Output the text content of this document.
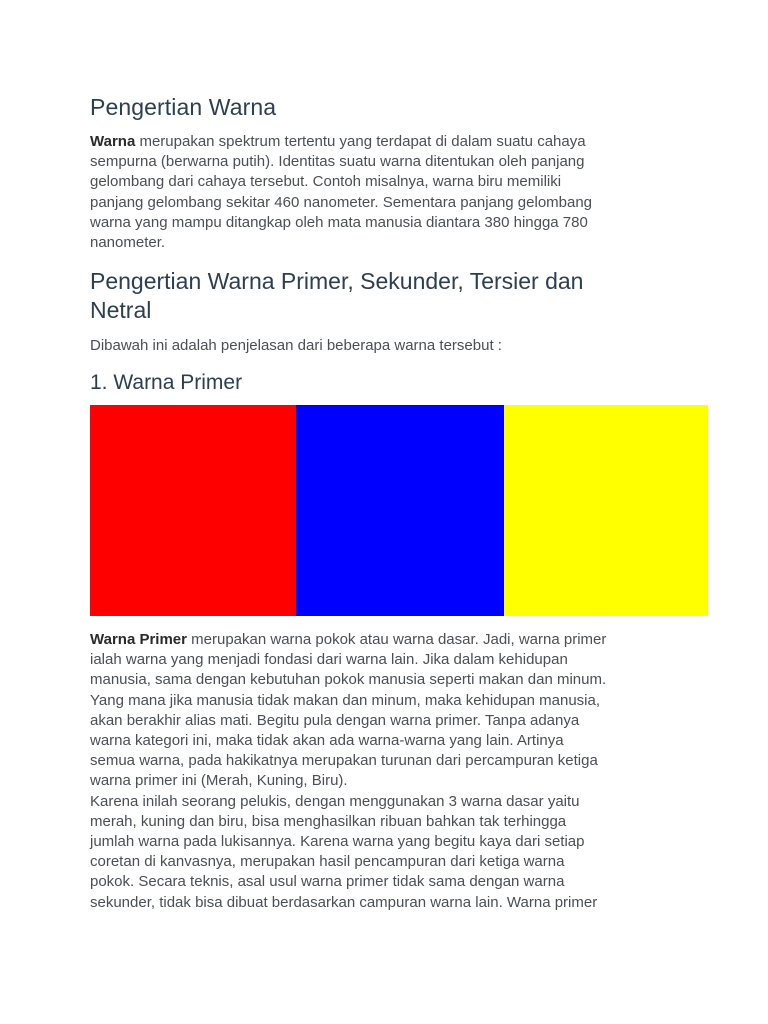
Pengertian Warna

Warna merupakan spektrum tertentu yang terdapat di dalam suatu cahaya
sempurna (berwarna putih). Identitas suatu warna ditentukan oleh panjang
gelombang dari cahaya tersebut. Contoh misalnya, warna biru memiliki
panjang gelombang sekitar 460 nanometer. Sementara panjang gelombang
warna yang mampu ditangkap oleh mata manusia diantara 380 hingga 780
nanometer.

Pengertian Warna Primer, Sekunder, Tersier dan
Netral

Dibawah ini adalah penjelasan dari beberapa warna tersebut :

1. Warna Primer

Warna Primer merupakan warna pokok atau warna dasar. Jadi, warna primer
ialah warna yang menjadi fondasi dari warna lain. Jika dalam kehidupan
manusia, sama dengan kebutuhan pokok manusia seperti makan dan minum.
Yang mana jika manusia tidak makan dan minum, maka kehidupan manusia,
akan berakhir alias mati. Begitu pula dengan warna primer. Tanpa adanya
warna kategori ini, maka tidak akan ada warna-warna yang lain. Artinya
semua warna, pada hakikatnya merupakan turunan dari percampuran ketiga
warna primer ini (Merah, Kuning, Biru).
Karena inilah seorang pelukis, dengan menggunakan 3 warna dasar yaitu
merah, kuning dan biru, bisa menghasilkan ribuan bahkan tak terhingga
jumlah warna pada lukisannya. Karena warna yang begitu kaya dari setiap
coretan di kanvasnya, merupakan hasil pencampuran dari ketiga warna
pokok. Secara teknis, asal usul warna primer tidak sama dengan warna
sekunder, tidak bisa dibuat berdasarkan campuran warna lain. Warna primer
